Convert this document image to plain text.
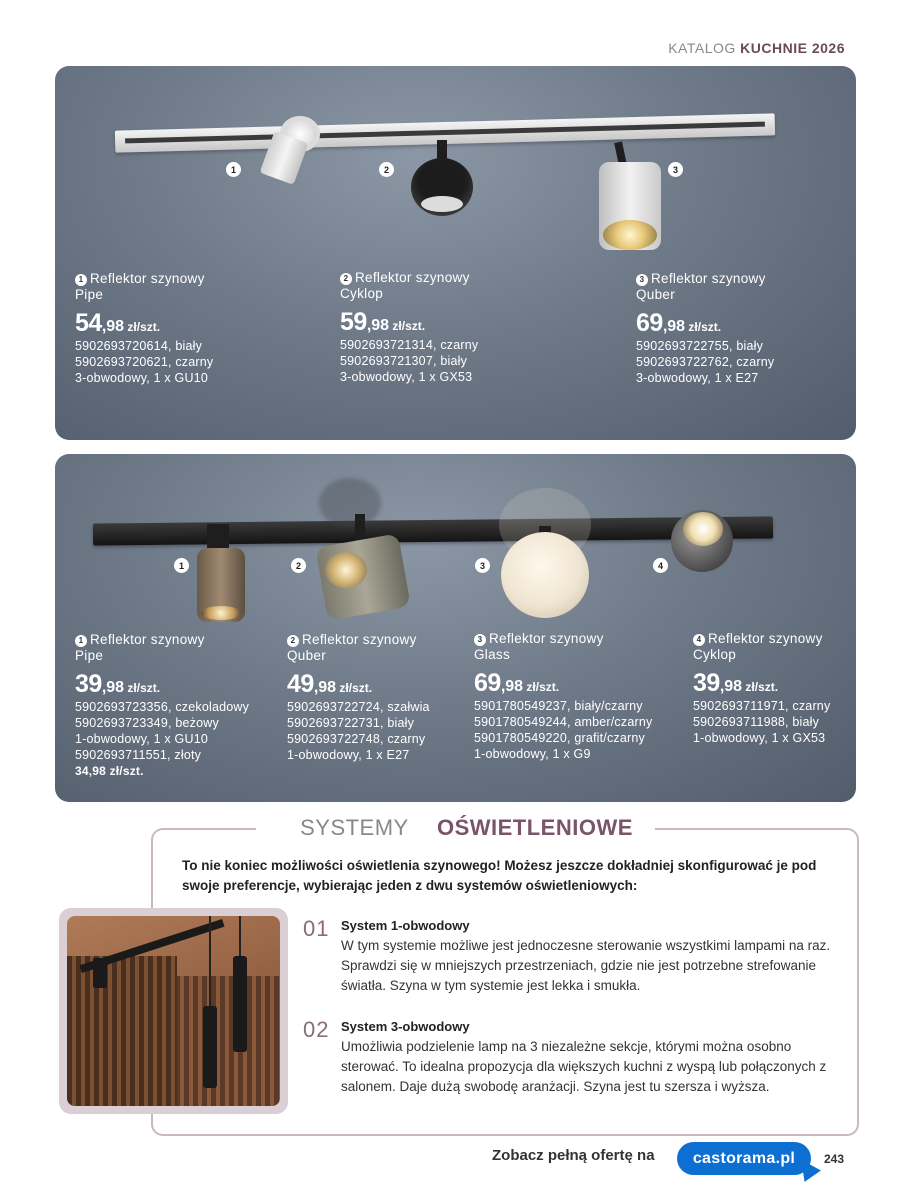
KATALOG KUCHNIE 2026
1	2	3
1 Reflektor szynowy
Pipe
54,98 zł/szt.
5902693720614, biały
5902693720621, czarny
3-obwodowy, 1 x GU10
2 Reflektor szynowy
Cyklop
59,98 zł/szt.
5902693721314, czarny
5902693721307, biały
3-obwodowy, 1 x GX53
3 Reflektor szynowy
Quber
69,98 zł/szt.
5902693722755, biały
5902693722762, czarny
3-obwodowy, 1 x E27
1	2	3	4
1 Reflektor szynowy
Pipe
39,98 zł/szt.
5902693723356, czekoladowy
5902693723349, beżowy
1-obwodowy, 1 x GU10
5902693711551, złoty
34,98 zł/szt.
2 Reflektor szynowy
Quber
49,98 zł/szt.
5902693722724, szałwia
5902693722731, biały
5902693722748, czarny
1-obwodowy, 1 x E27
3 Reflektor szynowy
Glass
69,98 zł/szt.
5901780549237, biały/czarny
5901780549244, amber/czarny
5901780549220, grafit/czarny
1-obwodowy, 1 x G9
4 Reflektor szynowy
Cyklop
39,98 zł/szt.
5902693711971, czarny
5902693711988, biały
1-obwodowy, 1 x GX53
SYSTEMY OŚWIETLENIOWE
To nie koniec możliwości oświetlenia szynowego! Możesz jeszcze dokładniej skonfigurować je pod swoje preferencje, wybierając jeden z dwu systemów oświetleniowych:
01 System 1-obwodowy
W tym systemie możliwe jest jednoczesne sterowanie wszystkimi lampami na raz. Sprawdzi się w mniejszych przestrzeniach, gdzie nie jest potrzebne strefowanie światła. Szyna w tym systemie jest lekka i smukła.
02 System 3-obwodowy
Umożliwia podzielenie lamp na 3 niezależne sekcje, którymi można osobno sterować. To idealna propozycja dla większych kuchni z wyspą lub połączonych z salonem. Daje dużą swobodę aranżacji. Szyna jest tu szersza i wyższa.
Zobacz pełną ofertę na	castorama.pl	243
